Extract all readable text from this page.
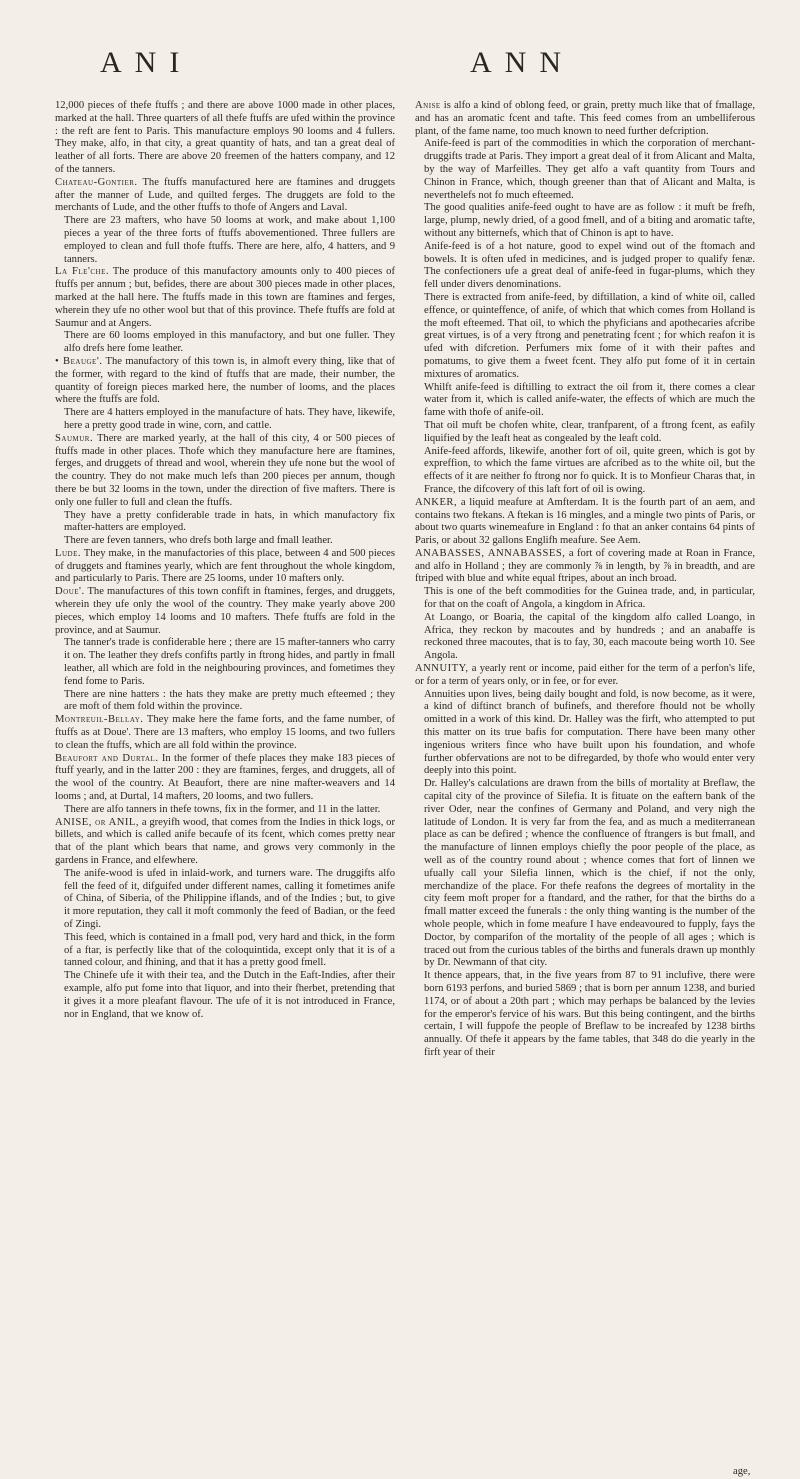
ANI	ANN

12,000 pieces of thefe ftuffs ; and there are above 1000 made in other places, marked at the hall. Three quarters of all thefe ftuffs are ufed within the province : the reft are fent to Paris. This manufacture employs 90 looms and 4 fullers. They make, alfo, in that city, a great quantity of hats, and tan a great deal of leather of all forts. There are above 20 freemen of the hatters company, and 12 of the tanners.

Chateau-Gontier. The ftuffs manufactured here are ftamines and druggets after the manner of Lude, and quilted ferges. The druggets are fold to the merchants of Lude, and the other ftuffs to thofe of Angers and Laval.

There are 23 mafters, who have 50 looms at work, and make about 1,100 pieces a year of the three forts of ftuffs abovementioned. Three fullers are employed to clean and full thofe ftuffs. There are here, alfo, 4 hatters, and 9 tanners.

La Fle'che. The produce of this manufactory amounts only to 400 pieces of ftuffs per annum ; but, befides, there are about 300 pieces made in other places, marked at the hall here. The ftuffs made in this town are ftamines and ferges, wherein they ufe no other wool but that of this province. Thefe ftuffs are fold at Saumur and at Angers.

There are 60 looms employed in this manufactory, and but one fuller. They alfo drefs here fome leather.

• Beauge'. The manufactory of this town is, in almoft every thing, like that of the former, with regard to the kind of ftuffs that are made, their number, the quantity of foreign pieces marked here, the number of looms, and the places where the ftuffs are fold.

There are 4 hatters employed in the manufacture of hats. They have, likewife, here a pretty good trade in wine, corn, and cattle.

Saumur. There are marked yearly, at the hall of this city, 4 or 500 pieces of ftuffs made in other places. Thofe which they manufacture here are ftamines, ferges, and druggets of thread and wool, wherein they ufe none but the wool of the country. They do not make much lefs than 200 pieces per annum, though there be but 32 looms in the town, under the direction of five mafters. There is only one fuller to full and clean the ftuffs.

They have a pretty confiderable trade in hats, in which manufactory fix mafter-hatters are employed.

There are feven tanners, who drefs both large and fmall leather.

Lude. They make, in the manufactories of this place, between 4 and 500 pieces of druggets and ftamines yearly, which are fent throughout the whole kingdom, and particularly to Paris. There are 25 looms, under 10 mafters only.

Doue'. The manufactures of this town confift in ftamines, ferges, and druggets, wherein they ufe only the wool of the country. They make yearly above 200 pieces, which employ 14 looms and 10 mafters. Thefe ftuffs are fold in the province, and at Saumur.

The tanner's trade is confiderable here ; there are 15 mafter-tanners who carry it on. The leather they drefs confifts partly in ftrong hides, and partly in fmall leather, all which are fold in the neighbouring provinces, and fometimes they fend fome to Paris.

There are nine hatters : the hats they make are pretty much efteemed ; they are moft of them fold within the province.

Montreuil-Bellay. They make here the fame forts, and the fame number, of ftuffs as at Doue'. There are 13 mafters, who employ 15 looms, and two fullers to clean the ftuffs, which are all fold within the province.

Beaufort and Durtal. In the former of thefe places they make 183 pieces of ftuff yearly, and in the latter 200 : they are ftamines, ferges, and druggets, all of the wool of the country. At Beaufort, there are nine mafter-weavers and 14 looms ; and, at Durtal, 14 mafters, 20 looms, and two fullers.

There are alfo tanners in thefe towns, fix in the former, and 11 in the latter.

ANISE, or ANIL, a greyifh wood, that comes from the Indies in thick logs, or billets, and which is called anife becaufe of its fcent, which comes pretty near that of the plant which bears that name, and grows very commonly in the gardens in France, and elfewhere.

The anife-wood is ufed in inlaid-work, and turners ware. The druggifts alfo fell the feed of it, difguifed under different names, calling it fometimes anife of China, of Siberia, of the Philippine iflands, and of the Indies ; but, to give it more reputation, they call it moft commonly the feed of Badian, or the feed of Zingi.

This feed, which is contained in a fmall pod, very hard and thick, in the form of a ftar, is perfectly like that of the coloquintida, except only that it is of a tanned colour, and fhining, and that it has a pretty good fmell.

The Chinefe ufe it with their tea, and the Dutch in the Eaft-Indies, after their example, alfo put fome into that liquor, and into their fherbet, pretending that it gives it a more pleafant flavour. The ufe of it is not introduced in France, nor in England, that we know of.

Anise is alfo a kind of oblong feed, or grain, pretty much like that of fmallage, and has an aromatic fcent and tafte. This feed comes from an umbelliferous plant, of the fame name, too much known to need further defcription.

Anife-feed is part of the commodities in which the corporation of merchant-druggifts trade at Paris. They import a great deal of it from Alicant and Malta, by the way of Marfeilles. They get alfo a vaft quantity from Tours and Chinon in France, which, though greener than that of Alicant and Malta, is neverthelefs not fo much efteemed.

The good qualities anife-feed ought to have are as follow : it muft be frefh, large, plump, newly dried, of a good fmell, and of a biting and aromatic tafte, without any bitternefs, which that of Chinon is apt to have.

Anife-feed is of a hot nature, good to expel wind out of the ftomach and bowels. It is often ufed in medicines, and is judged proper to qualify fenæ. The confectioners ufe a great deal of anife-feed in fugar-plums, which they fell under divers denominations.

There is extracted from anife-feed, by diftillation, a kind of white oil, called effence, or quinteffence, of anife, of which that which comes from Holland is the moft efteemed. That oil, to which the phyficians and apothecaries afcribe great virtues, is of a very ftrong and penetrating fcent ; for which reafon it is ufed with difcretion. Perfumers mix fome of it with their paftes and pomatums, to give them a fweet fcent. They alfo put fome of it in certain mixtures of aromatics.

Whilft anife-feed is diftilling to extract the oil from it, there comes a clear water from it, which is called anife-water, the effects of which are much the fame with thofe of anife-oil.

That oil muft be chofen white, clear, tranfparent, of a ftrong fcent, as eafily liquified by the leaft heat as congealed by the leaft cold.

Anife-feed affords, likewife, another fort of oil, quite green, which is got by expreffion, to which the fame virtues are afcribed as to the white oil, but the effects of it are neither fo ftrong nor fo quick. It is to Monfieur Charas that, in France, the difcovery of this laft fort of oil is owing.

ANKER, a liquid meafure at Amfterdam. It is the fourth part of an aem, and contains two ftekans. A ftekan is 16 mingles, and a mingle two pints of Paris, or about two quarts winemeafure in England : fo that an anker contains 64 pints of Paris, or about 32 gallons Englifh meafure. See Aem.

ANABASSES, ANNABASSES, a fort of covering made at Roan in France, and alfo in Holland ; they are commonly ⅞ in length, by ⅞ in breadth, and are ftriped with blue and white equal ftripes, about an inch broad.

This is one of the beft commodities for the Guinea trade, and, in particular, for that on the coaft of Angola, a kingdom in Africa.

At Loango, or Boaria, the capital of the kingdom alfo called Loango, in Africa, they reckon by macoutes and by hundreds ; and an anabaffe is reckoned three macoutes, that is to fay, 30, each macoute being worth 10. See Angola.

ANNUITY, a yearly rent or income, paid either for the term of a perfon's life, or for a term of years only, or in fee, or for ever.

Annuities upon lives, being daily bought and fold, is now become, as it were, a kind of diftinct branch of bufinefs, and therefore fhould not be wholly omitted in a work of this kind. Dr. Halley was the firft, who attempted to put this matter on its true bafis for computation. There have been many other ingenious writers fince who have built upon his foundation, and whofe further obfervations are not to be difregarded, by thofe who would enter very deeply into this point.

Dr. Halley's calculations are drawn from the bills of mortality at Breflaw, the capital city of the province of Silefia. It is fituate on the eaftern bank of the river Oder, near the confines of Germany and Poland, and very nigh the latitude of London. It is very far from the fea, and as much a mediterranean place as can be defired ; whence the confluence of ftrangers is but fmall, and the manufacture of linnen employs chiefly the poor people of the place, as well as of the country round about ; whence comes that fort of linnen we ufually call your Silefia linnen, which is the chief, if not the only, merchandize of the place. For thefe reafons the degrees of mortality in the city feem moft proper for a ftandard, and the rather, for that the births do a fmall matter exceed the funerals : the only thing wanting is the number of the whole people, which in fome meafure I have endeavoured to fupply, fays the Doctor, by comparifon of the mortality of the people of all ages ; which is traced out from the curious tables of the births and funerals drawn up monthly by Dr. Newmann of that city.

It thence appears, that, in the five years from 87 to 91 inclufive, there were born 6193 perfons, and buried 5869 ; that is born per annum 1238, and buried 1174, or of about a 20th part ; which may perhaps be balanced by the levies for the emperor's fervice of his wars. But this being contingent, and the births certain, I will fuppofe the people of Breflaw to be increafed by 1238 births annually. Of thefe it appears by the fame tables, that 348 do die yearly in the firft year of their

age,
